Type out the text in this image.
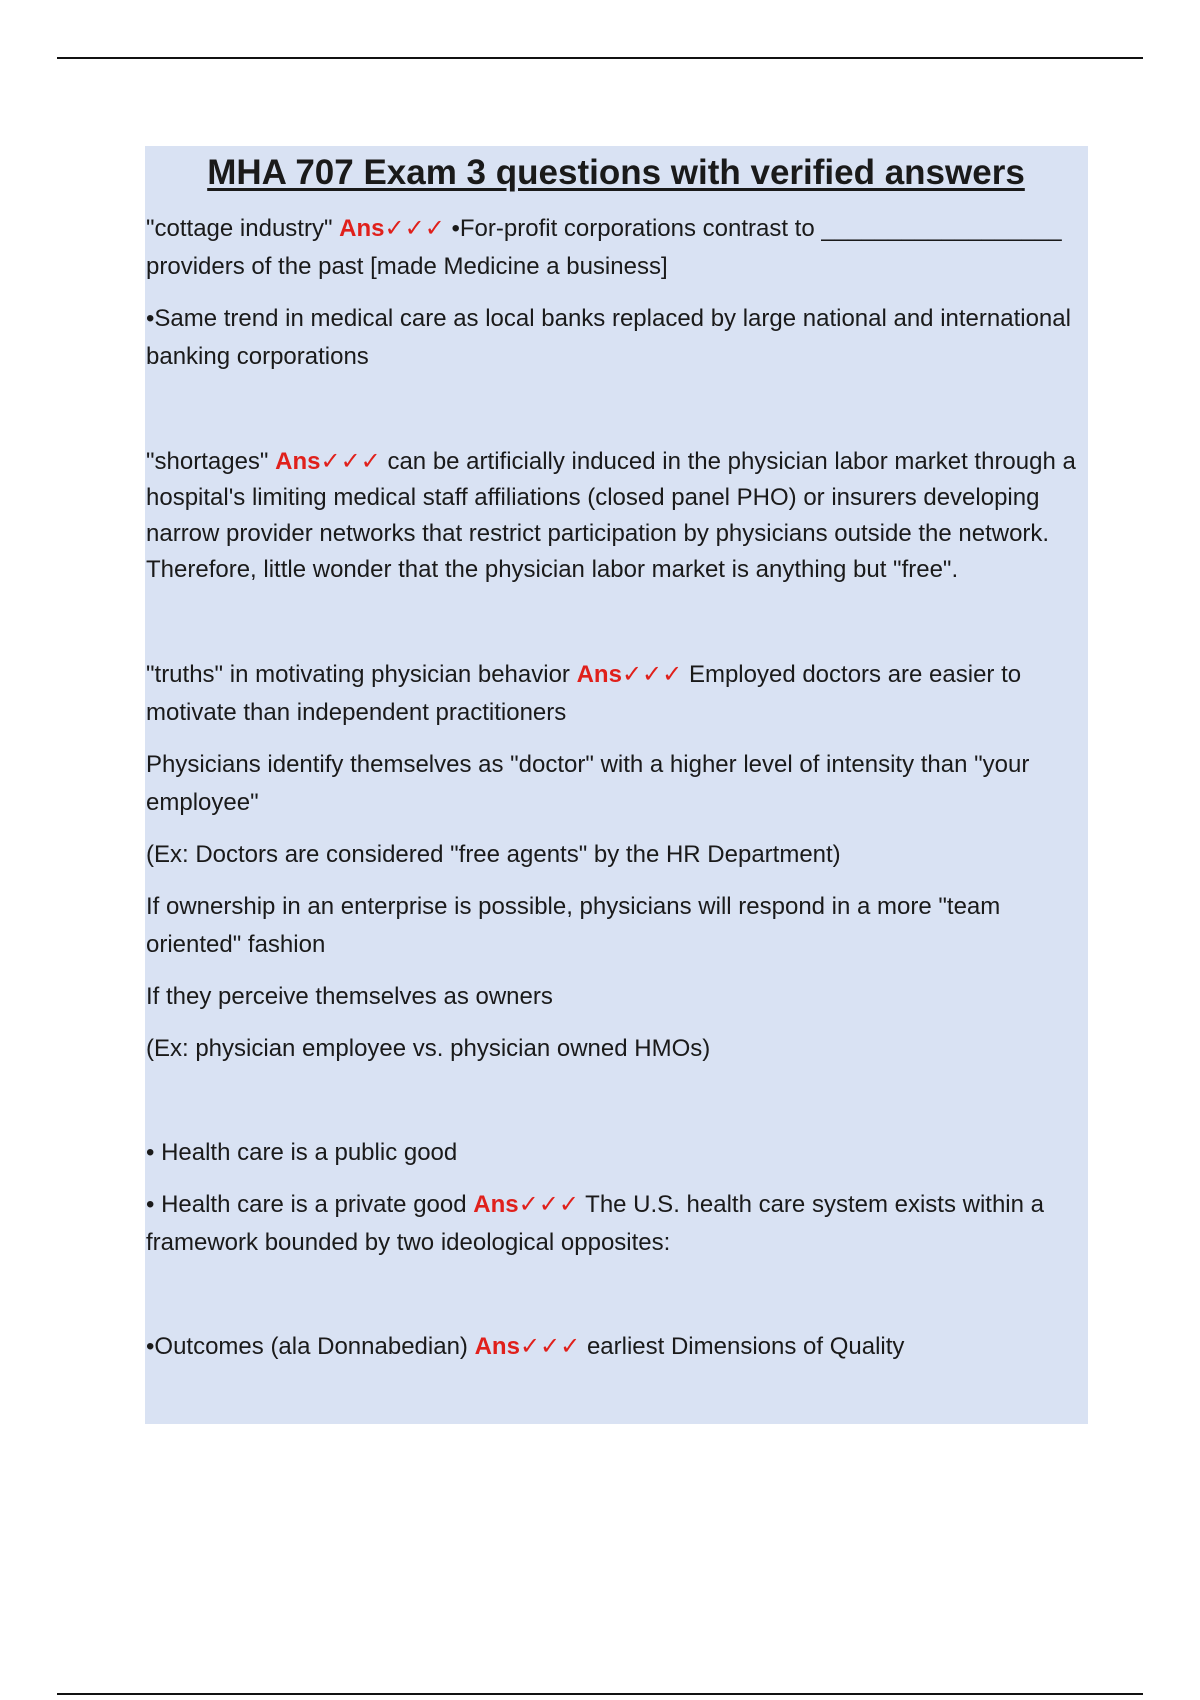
MHA 707 Exam 3 questions with verified answers

"cottage industry" Ans✓✓✓ •For-profit corporations contrast to __________________ providers of the past [made Medicine a business]

•Same trend in medical care as local banks replaced by large national and international banking corporations

"shortages" Ans✓✓✓ can be artificially induced in the physician labor market through a hospital's limiting medical staff affiliations (closed panel PHO) or insurers developing narrow provider networks that restrict participation by physicians outside the network. Therefore, little wonder that the physician labor market is anything but "free".

"truths" in motivating physician behavior Ans✓✓✓ Employed doctors are easier to motivate than independent practitioners

Physicians identify themselves as "doctor" with a higher level of intensity than "your employee"

(Ex: Doctors are considered "free agents" by the HR Department)

If ownership in an enterprise is possible, physicians will respond in a more "team oriented" fashion

If they perceive themselves as owners

(Ex: physician employee vs. physician owned HMOs)

• Health care is a public good

• Health care is a private good Ans✓✓✓ The U.S. health care system exists within a framework bounded by two ideological opposites:

•Outcomes (ala Donnabedian) Ans✓✓✓ earliest Dimensions of Quality
